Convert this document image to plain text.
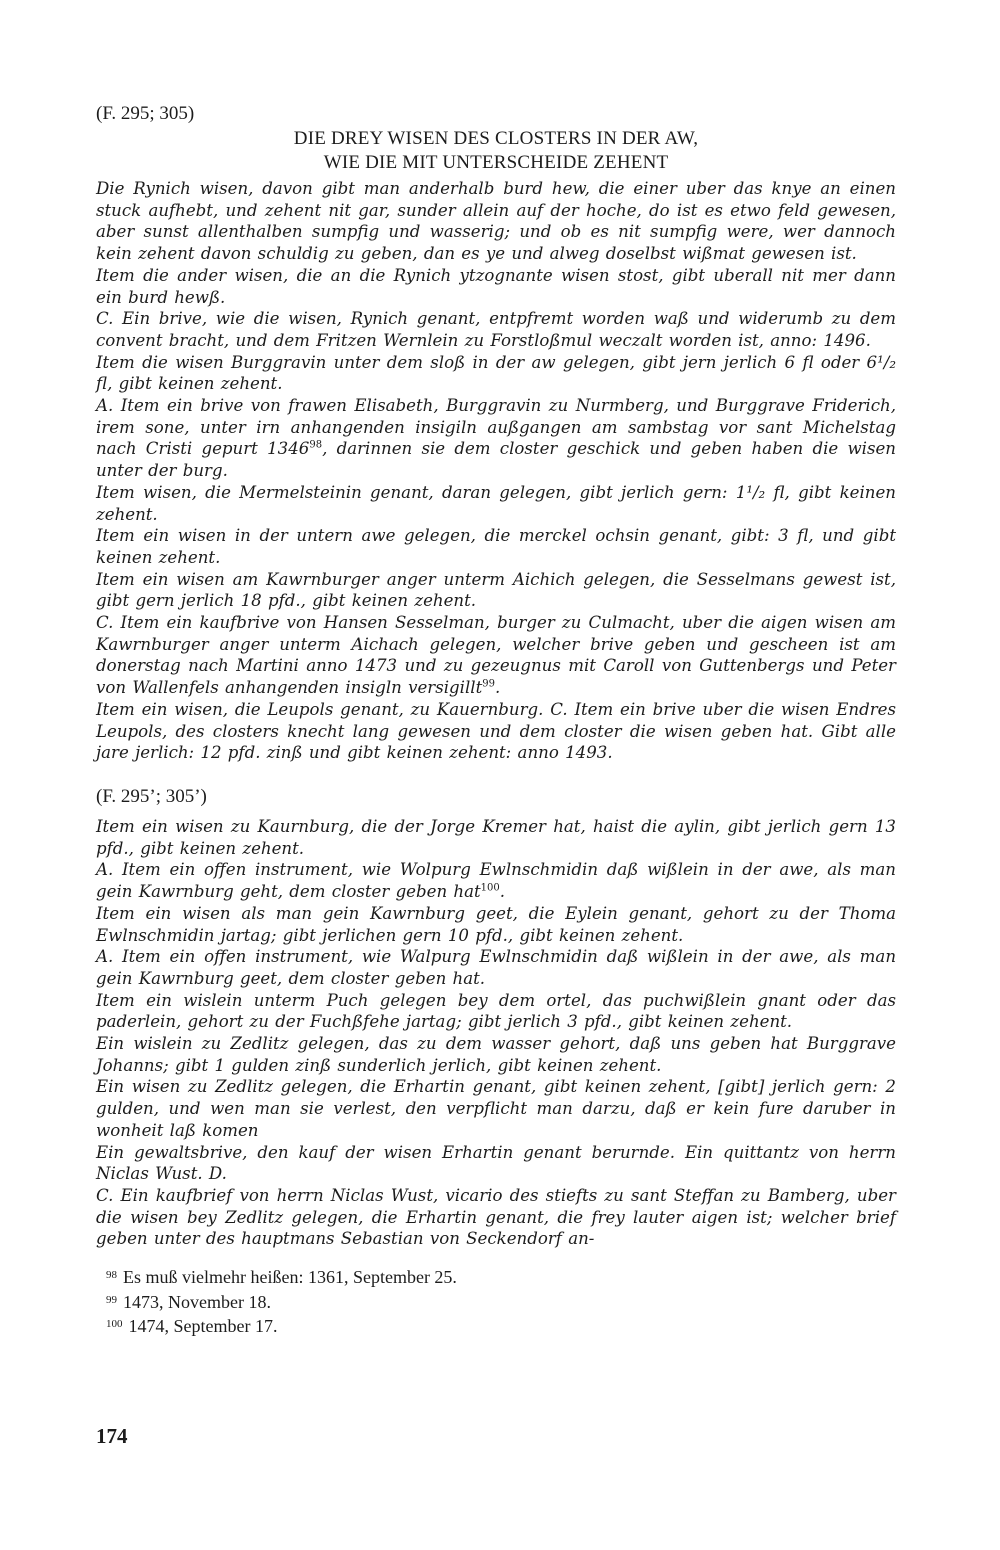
(F. 295; 305)

DIE DREY WISEN DES CLOSTERS IN DER AW,

WIE DIE MIT UNTERSCHEIDE ZEHENT

Die Rynich wisen, davon gibt man anderhalb burd hew, die einer uber das knye an einen stuck aufhebt, und zehent nit gar, sunder allein auf der hoche, do ist es etwo feld gewesen, aber sunst allenthalben sumpfig und wasserig; und ob es nit sumpfig were, wer dannoch kein zehent davon schuldig zu geben, dan es ye und alweg doselbst wißmat gewesen ist.

Item die ander wisen, die an die Rynich ytzognante wisen stost, gibt uberall nit mer dann ein burd hewß.

C. Ein brive, wie die wisen, Rynich genant, entpfremt worden waß und widerumb zu dem convent bracht, und dem Fritzen Wernlein zu Forstloßmul weczalt worden ist, anno: 1496.

Item die wisen Burggravin unter dem sloß in der aw gelegen, gibt jern jerlich 6 fl oder 6¹/₂ fl, gibt keinen zehent.

A. Item ein brive von frawen Elisabeth, Burggravin zu Nurmberg, und Burggrave Friderich, irem sone, unter irn anhangenden insigiln außgangen am sambstag vor sant Michelstag nach Cristi gepurt 1346$^{98}$, darinnen sie dem closter geschick und geben haben die wisen unter der burg.

Item wisen, die Mermelsteinin genant, daran gelegen, gibt jerlich gern: 1¹/₂ fl, gibt keinen zehent.

Item ein wisen in der untern awe gelegen, die merckel ochsin genant, gibt: 3 fl, und gibt keinen zehent.

Item ein wisen am Kawrnburger anger unterm Aichich gelegen, die Sesselmans gewest ist, gibt gern jerlich 18 pfd., gibt keinen zehent.

C. Item ein kaufbrive von Hansen Sesselman, burger zu Culmacht, uber die aigen wisen am Kawrnburger anger unterm Aichach gelegen, welcher brive geben und gescheen ist am donerstag nach Martini anno 1473 und zu gezeugnus mit Caroll von Guttenbergs und Peter von Wallenfels anhangenden insigln versigillt$^{99}$.

Item ein wisen, die Leupols genant, zu Kauernburg. C. Item ein brive uber die wisen Endres Leupols, des closters knecht lang gewesen und dem closter die wisen geben hat. Gibt alle jare jerlich: 12 pfd. zinß und gibt keinen zehent: anno 1493.

(F. 295’; 305’)

Item ein wisen zu Kaurnburg, die der Jorge Kremer hat, haist die aylin, gibt jerlich gern 13 pfd., gibt keinen zehent.

A. Item ein offen instrument, wie Wolpurg Ewlnschmidin daß wißlein in der awe, als man gein Kawrnburg geht, dem closter geben hat$^{100}$.

Item ein wisen als man gein Kawrnburg geet, die Eylein genant, gehort zu der Thoma Ewlnschmidin jartag; gibt jerlichen gern 10 pfd., gibt keinen zehent.

A. Item ein offen instrument, wie Walpurg Ewlnschmidin daß wißlein in der awe, als man gein Kawrnburg geet, dem closter geben hat.

Item ein wislein unterm Puch gelegen bey dem ortel, das puchwißlein gnant oder das paderlein, gehort zu der Fuchßfehe jartag; gibt jerlich 3 pfd., gibt keinen zehent.

Ein wislein zu Zedlitz gelegen, das zu dem wasser gehort, daß uns geben hat Burggrave Johanns; gibt 1 gulden zinß sunderlich jerlich, gibt keinen zehent.

Ein wisen zu Zedlitz gelegen, die Erhartin genant, gibt keinen zehent, [gibt] jerlich gern: 2 gulden, und wen man sie verlest, den verpflicht man darzu, daß er kein fure daruber in wonheit laß komen

Ein gewaltsbrive, den kauf der wisen Erhartin genant berurnde. Ein quittantz von herrn Niclas Wust. D.

C. Ein kaufbrief von herrn Niclas Wust, vicario des stiefts zu sant Steffan zu Bamberg, uber die wisen bey Zedlitz gelegen, die Erhartin genant, die frey lauter aigen ist; welcher brief geben unter des hauptmans Sebastian von Seckendorf an-

$^{98}$ Es muß vielmehr heißen: 1361, September 25.

$^{99}$ 1473, November 18.

$^{100}$ 1474, September 17.

174
